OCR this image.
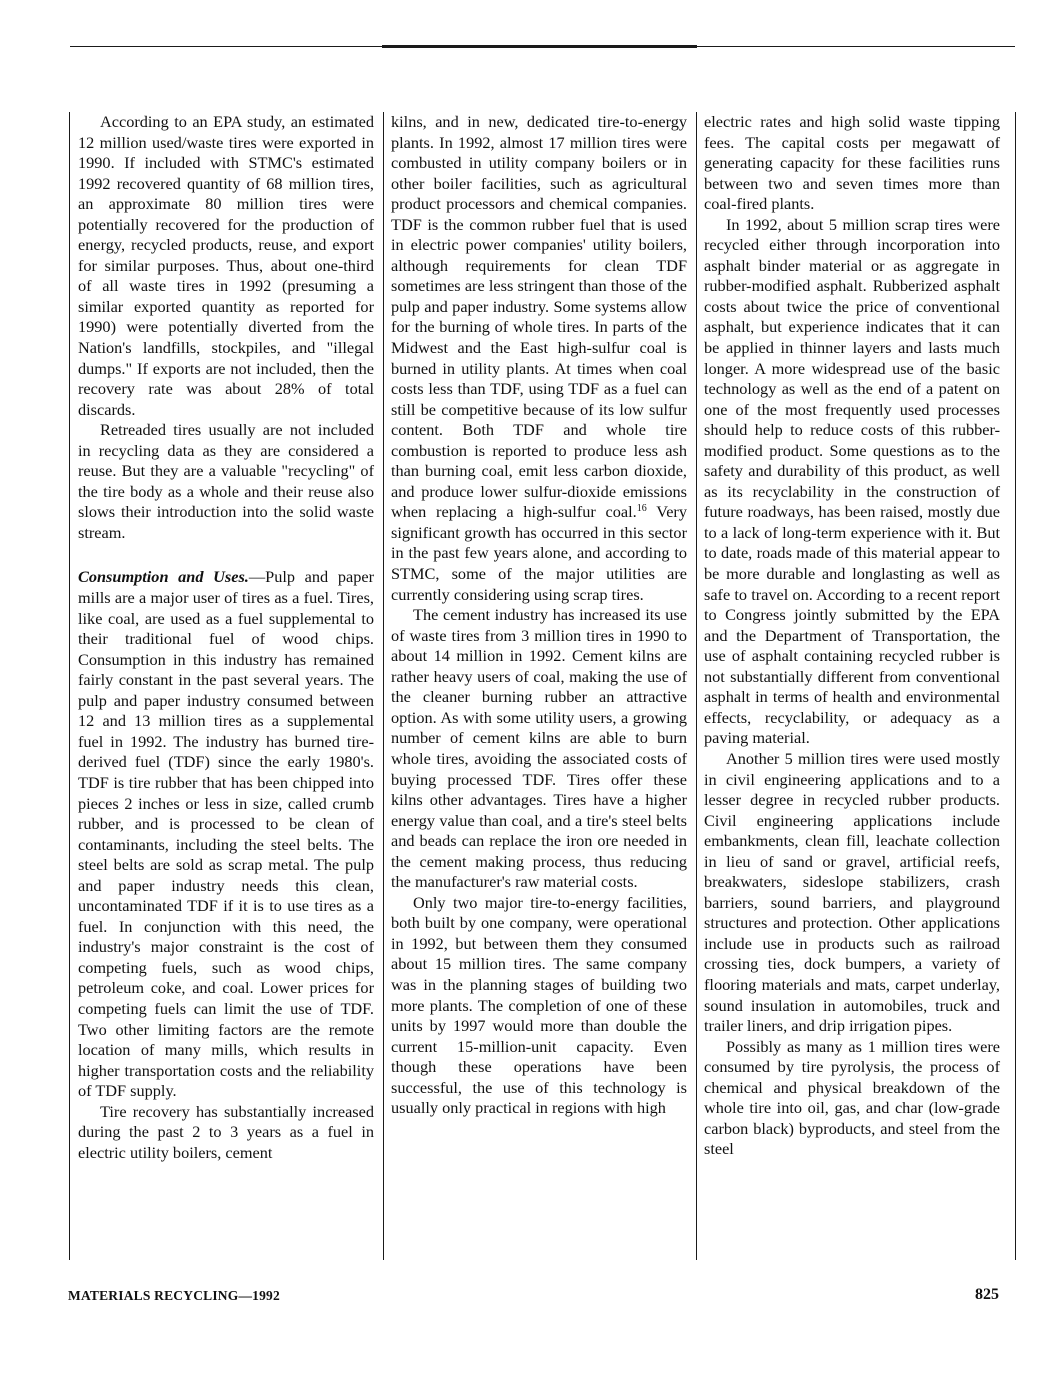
According to an EPA study, an estimated 12 million used/waste tires were exported in 1990. If included with STMC's estimated 1992 recovered quantity of 68 million tires, an approximate 80 million tires were potentially recovered for the production of energy, recycled products, reuse, and export for similar purposes. Thus, about one-third of all waste tires in 1992 (presuming a similar exported quantity as reported for 1990) were potentially diverted from the Nation's landfills, stockpiles, and "illegal dumps." If exports are not included, then the recovery rate was about 28% of total discards.

Retreaded tires usually are not included in recycling data as they are considered a reuse. But they are a valuable "recycling" of the tire body as a whole and their reuse also slows their introduction into the solid waste stream.

Consumption and Uses.—Pulp and paper mills are a major user of tires as a fuel. Tires, like coal, are used as a fuel supplemental to their traditional fuel of wood chips. Consumption in this industry has remained fairly constant in the past several years. The pulp and paper industry consumed between 12 and 13 million tires as a supplemental fuel in 1992. The industry has burned tire-derived fuel (TDF) since the early 1980's. TDF is tire rubber that has been chipped into pieces 2 inches or less in size, called crumb rubber, and is processed to be clean of contaminants, including the steel belts. The steel belts are sold as scrap metal. The pulp and paper industry needs this clean, uncontaminated TDF if it is to use tires as a fuel. In conjunction with this need, the industry's major constraint is the cost of competing fuels, such as wood chips, petroleum coke, and coal. Lower prices for competing fuels can limit the use of TDF. Two other limiting factors are the remote location of many mills, which results in higher transportation costs and the reliability of TDF supply.

Tire recovery has substantially increased during the past 2 to 3 years as a fuel in electric utility boilers, cement

kilns, and in new, dedicated tire-to-energy plants. In 1992, almost 17 million tires were combusted in utility company boilers or in other boiler facilities, such as agricultural product processors and chemical companies. TDF is the common rubber fuel that is used in electric power companies' utility boilers, although requirements for clean TDF sometimes are less stringent than those of the pulp and paper industry. Some systems allow for the burning of whole tires. In parts of the Midwest and the East high-sulfur coal is burned in utility plants. At times when coal costs less than TDF, using TDF as a fuel can still be competitive because of its low sulfur content. Both TDF and whole tire combustion is reported to produce less ash than burning coal, emit less carbon dioxide, and produce lower sulfur-dioxide emissions when replacing a high-sulfur coal.$^{16}$ Very significant growth has occurred in this sector in the past few years alone, and according to STMC, some of the major utilities are currently considering using scrap tires.

The cement industry has increased its use of waste tires from 3 million tires in 1990 to about 14 million in 1992. Cement kilns are rather heavy users of coal, making the use of the cleaner burning rubber an attractive option. As with some utility users, a growing number of cement kilns are able to burn whole tires, avoiding the associated costs of buying processed TDF. Tires offer these kilns other advantages. Tires have a higher energy value than coal, and a tire's steel belts and beads can replace the iron ore needed in the cement making process, thus reducing the manufacturer's raw material costs.

Only two major tire-to-energy facilities, both built by one company, were operational in 1992, but between them they consumed about 15 million tires. The same company was in the planning stages of building two more plants. The completion of one of these units by 1997 would more than double the current 15-million-unit capacity. Even though these operations have been successful, the use of this technology is usually only practical in regions with high

electric rates and high solid waste tipping fees. The capital costs per megawatt of generating capacity for these facilities runs between two and seven times more than coal-fired plants.

In 1992, about 5 million scrap tires were recycled either through incorporation into asphalt binder material or as aggregate in rubber-modified asphalt. Rubberized asphalt costs about twice the price of conventional asphalt, but experience indicates that it can be applied in thinner layers and lasts much longer. A more widespread use of the basic technology as well as the end of a patent on one of the most frequently used processes should help to reduce costs of this rubber-modified product. Some questions as to the safety and durability of this product, as well as its recyclability in the construction of future roadways, has been raised, mostly due to a lack of long-term experience with it. But to date, roads made of this material appear to be more durable and longlasting as well as safe to travel on. According to a recent report to Congress jointly submitted by the EPA and the Department of Transportation, the use of asphalt containing recycled rubber is not substantially different from conventional asphalt in terms of health and environmental effects, recyclability, or adequacy as a paving material.

Another 5 million tires were used mostly in civil engineering applications and to a lesser degree in recycled rubber products. Civil engineering applications include embankments, clean fill, leachate collection in lieu of sand or gravel, artificial reefs, breakwaters, sideslope stabilizers, crash barriers, sound barriers, and playground structures and protection. Other applications include use in products such as railroad crossing ties, dock bumpers, a variety of flooring materials and mats, carpet underlay, sound insulation in automobiles, truck and trailer liners, and drip irrigation pipes.

Possibly as many as 1 million tires were consumed by tire pyrolysis, the process of chemical and physical breakdown of the whole tire into oil, gas, and char (low-grade carbon black) byproducts, and steel from the steel

MATERIALS RECYCLING—1992	825
